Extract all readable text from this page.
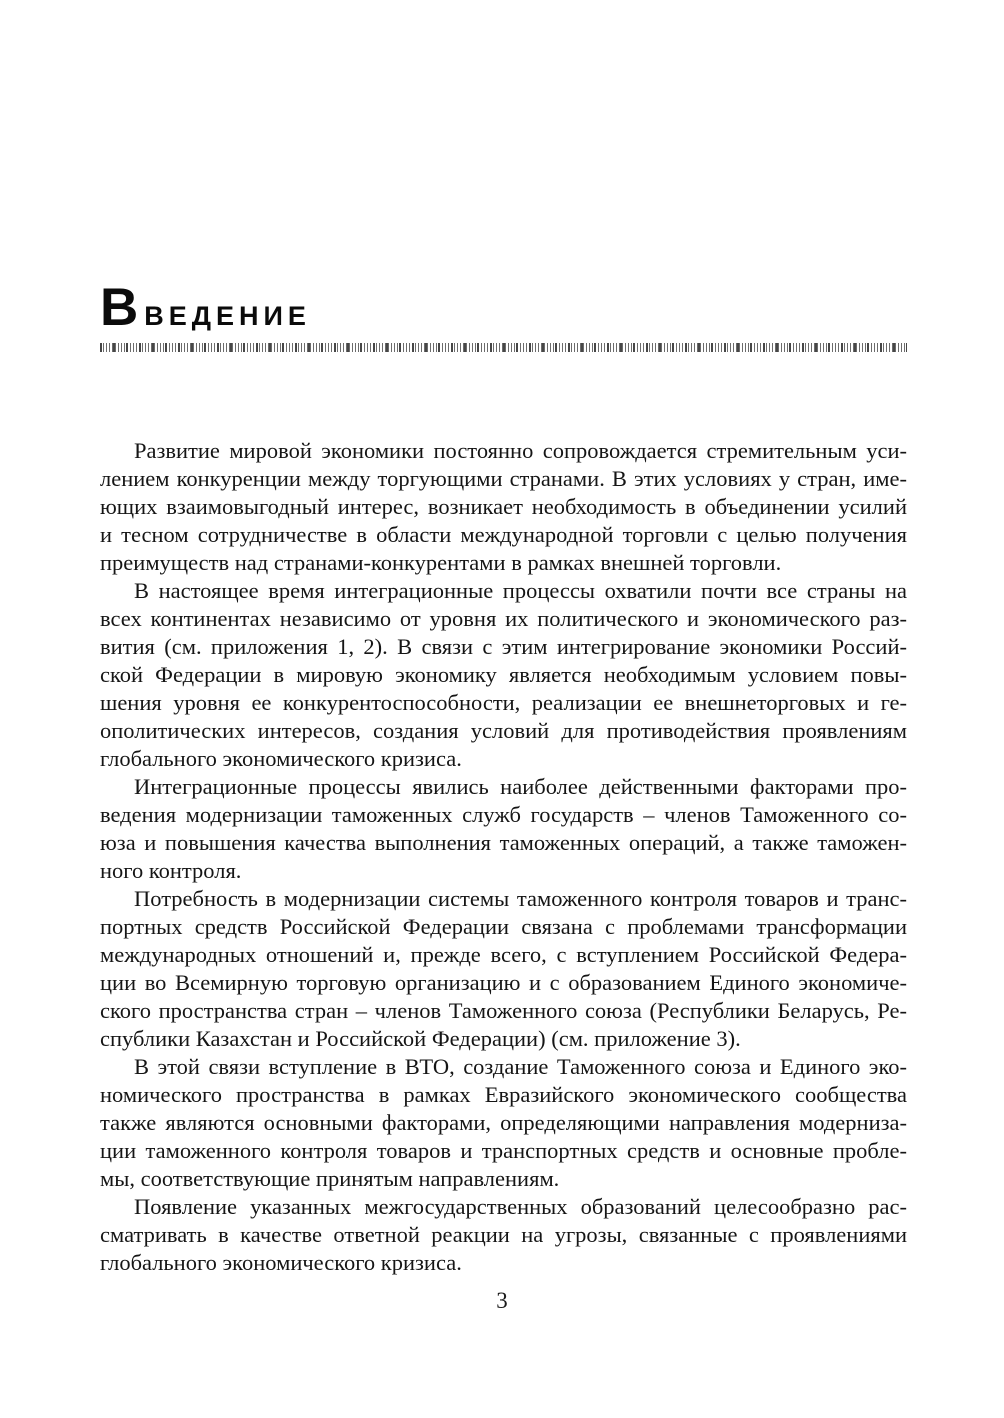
ВВЕДЕНИЕ

Развитие мировой экономики постоянно сопровождается стремительным уси-
лением конкуренции между торгующими странами. В этих условиях у стран, име-
ющих взаимовыгодный интерес, возникает необходимость в объединении усилий
и тесном сотрудничестве в области международной торговли с целью получения
преимуществ над странами-конкурентами в рамках внешней торговли.

В настоящее время интеграционные процессы охватили почти все страны на
всех континентах независимо от уровня их политического и экономического раз-
вития (см. приложения 1, 2). В связи с этим интегрирование экономики Россий-
ской Федерации в мировую экономику является необходимым условием повы-
шения уровня ее конкурентоспособности, реализации ее внешнеторговых и ге-
ополитических интересов, создания условий для противодействия проявлениям
глобального экономического кризиса.

Интеграционные процессы явились наиболее действенными факторами про-
ведения модернизации таможенных служб государств – членов Таможенного со-
юза и повышения качества выполнения таможенных операций, а также таможен-
ного контроля.

Потребность в модернизации системы таможенного контроля товаров и транс-
портных средств Российской Федерации связана с проблемами трансформации
международных отношений и, прежде всего, с вступлением Российской Федера-
ции во Всемирную торговую организацию и с образованием Единого экономиче-
ского пространства стран – членов Таможенного союза (Республики Беларусь, Ре-
спублики Казахстан и Российской Федерации) (см. приложение 3).

В этой связи вступление в ВТО, создание Таможенного союза и Единого эко-
номического пространства в рамках Евразийского экономического сообщества
также являются основными факторами, определяющими направления модерниза-
ции таможенного контроля товаров и транспортных средств и основные пробле-
мы, соответствующие принятым направлениям.

Появление указанных межгосударственных образований целесообразно рас-
сматривать в качестве ответной реакции на угрозы, связанные с проявлениями
глобального экономического кризиса.

3
